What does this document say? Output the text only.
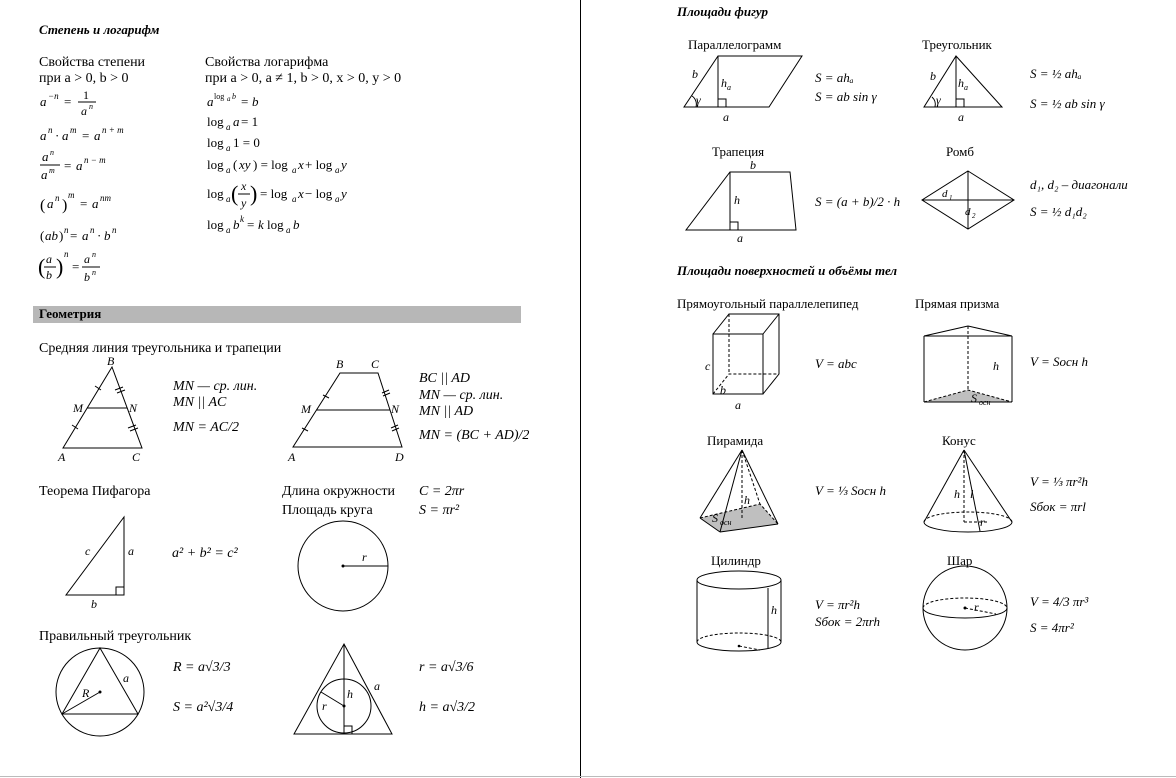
Степень и логарифм
Свойства степени
при a > 0, b > 0
Свойства логарифма
при a > 0, a ≠ 1, b > 0, x > 0, y > 0
a −n = 1
a n
a n · a m = a n + m
a n
a m = a n − m
( a n )
m
= a nm
( ab ) n = a n · b n
( a
b ) n
= a n
b n
a log a b = b
log a a = 1
log a 1 = 0
log a ( xy ) = log a x + log a y
log a ( x
y ) = log a x − log a y
log a b k = k log a b
Геометрия
Средняя линия треугольника и трапеции
B
M	N
A	C
MN — ср. лин.
MN || AC
MN = AC/2
B C
M	N
A	D
BC || AD
MN — ср. лин.
MN || AD
MN = (BC + AD)/2
Теорема Пифагора
c	a
b
a² + b² = c²
Длина окружности C = 2πr
Площадь круга	S = πr²
r
Правильный треугольник
R
a
R = a√3/3
S = a²√3/4	r
h
a
r = a√3/6
h = a√3/2
Площади фигур
Параллелограмм
b
h a
γ
a
S = ahₐ
S = ab sin γ
Треугольник
b h a
γ
a
S = ½ ahₐ
S = ½ ab sin γ
Трапеция
b
h
a
S = (a + b)/2 · h
Ромб
d 1
d 2
d₁, d₂ – диагонали
S = ½ d₁d₂
Площади поверхностей и объёмы тел
Прямоугольный параллелепипед
c
b
a
V = abc
Прямая призма
h
S осн
V = Sосн h
Пирамида
h
S осн
V = ⅓ Sосн h
Конус
h l
r
V = ⅓ πr²h
Sбок = πrl
Цилиндр
h	V = πr²h
Sбок = 2πrh
Шар
r	V = 4/3 πr³
S = 4πr²
